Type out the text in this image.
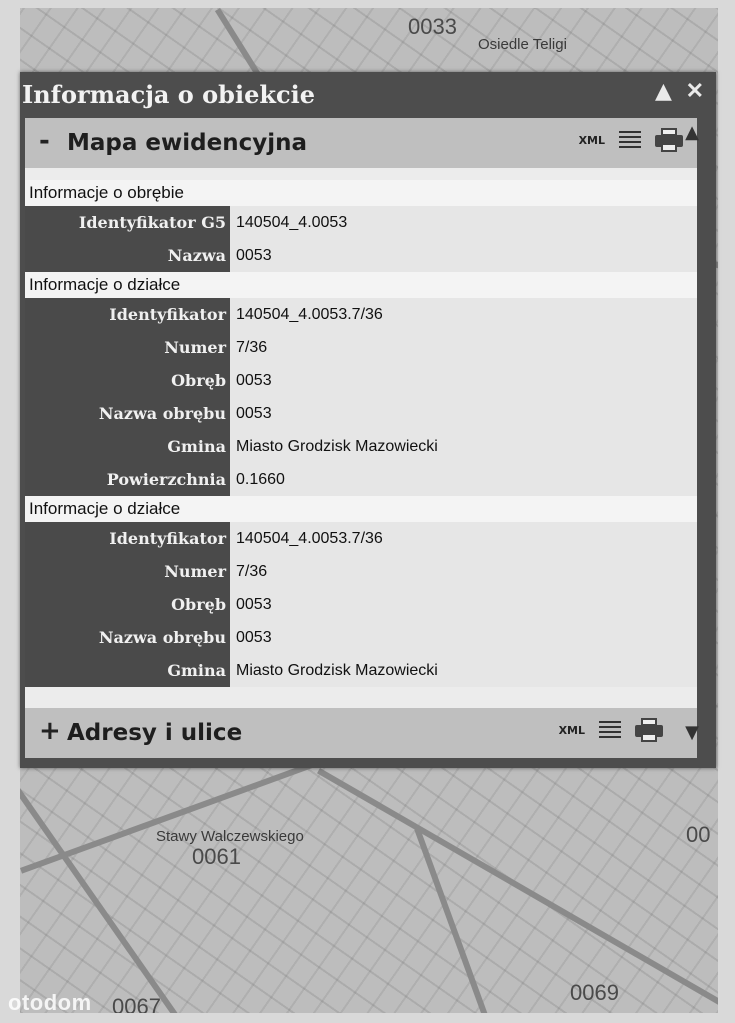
0033
Osiedle Teligi
Stawy Walczewskiego
0061
00
0069
0067
otodom
Informacja o obiekcie	▲ ✕
- Mapa ewidencyjna	XML	▲
Informacje o obrębie
Identyfikator G5 140504_4.0053
Nazwa 0053
Informacje o działce
Identyfikator 140504_4.0053.7/36
Numer 7/36
Obręb 0053
Nazwa obrębu 0053
Gmina Miasto Grodzisk Mazowiecki
Powierzchnia 0.1660
Informacje o działce
Identyfikator 140504_4.0053.7/36
Numer 7/36
Obręb 0053
Nazwa obrębu 0053
Gmina Miasto Grodzisk Mazowiecki
+ Adresy i ulice	XML	▼
